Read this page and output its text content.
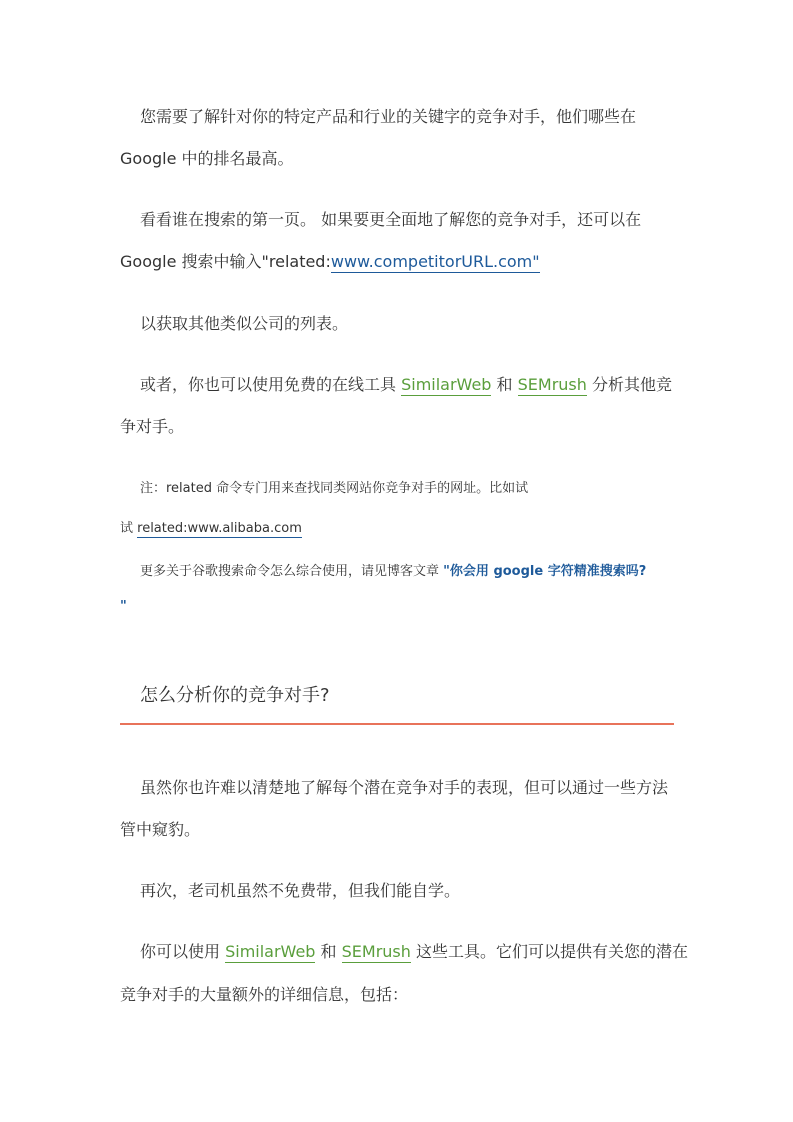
您需要了解针对你的特定产品和行业的关键字的竞争对手，他们哪些在
Google 中的排名最高。
看看谁在搜索的第一页。 如果要更全面地了解您的竞争对手，还可以在
Google 搜索中输入"related:www.competitorURL.com"
以获取其他类似公司的列表。
或者，你也可以使用免费的在线工具 SimilarWeb 和 SEMrush 分析其他竞
争对手。
注：related 命令专门用来查找同类网站你竞争对手的网址。比如试
试 related:www.alibaba.com
更多关于谷歌搜索命令怎么综合使用，请见博客文章 "你会用 google 字符精准搜索吗?
"
怎么分析你的竞争对手?
虽然你也许难以清楚地了解每个潜在竞争对手的表现，但可以通过一些方法
管中窥豹。
再次，老司机虽然不免费带，但我们能自学。
你可以使用 SimilarWeb 和 SEMrush 这些工具。它们可以提供有关您的潜在
竞争对手的大量额外的详细信息，包括：
